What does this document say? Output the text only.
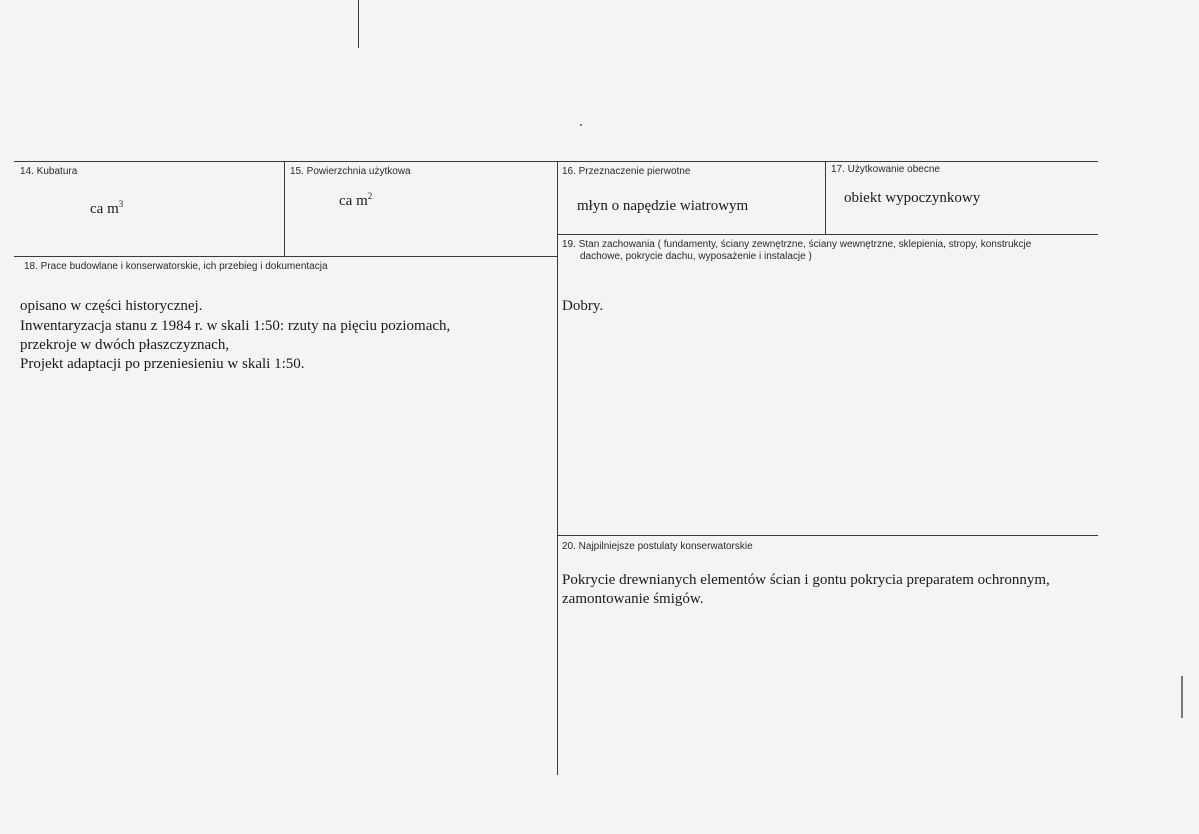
14. Kubatura
ca $m^3$
15. Powierzchnia użytkowa
ca $m^2$
16. Przeznaczenie pierwotne
młyn o napędzie wiatrowym
17. Użytkowanie obecne
obiekt wypoczynkowy
18. Prace budowlane i konserwatorskie, ich przebieg i dokumentacja
opisano w części historycznej.
Inwentaryzacja stanu z 1984 r. w skali 1:50: rzuty na pięciu poziomach,
przekroje w dwóch płaszczyznach,
Projekt adaptacji po przeniesieniu w skali 1:50.
19. Stan zachowania ( fundamenty, ściany zewnętrzne, ściany wewnętrzne, sklepienia, stropy, konstrukcje
dachowe, pokrycie dachu, wyposażenie i instalacje )
Dobry.
20. Najpilniejsze postulaty konserwatorskie
Pokrycie drewnianych elementów ścian i gontu pokrycia preparatem ochronnym,
zamontowanie śmigów.
